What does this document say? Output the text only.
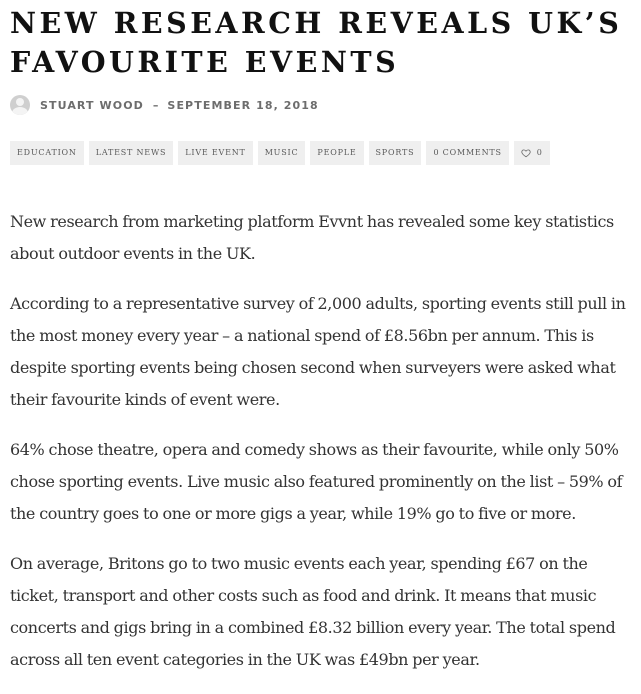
NEW RESEARCH REVEALS UK’S FAVOURITE EVENTS
STUART WOOD – SEPTEMBER 18, 2018
EDUCATION	LATEST NEWS	LIVE EVENT	MUSIC	PEOPLE	SPORTS	0 COMMENTS	0

New research from marketing platform Evvnt has revealed some key statistics about outdoor events in the UK.

According to a representative survey of 2,000 adults, sporting events still pull in the most money every year – a national spend of £8.56bn per annum. This is despite sporting events being chosen second when surveyers were asked what their favourite kinds of event were.

64% chose theatre, opera and comedy shows as their favourite, while only 50% chose sporting events. Live music also featured prominently on the list – 59% of the country goes to one or more gigs a year, while 19% go to five or more.

On average, Britons go to two music events each year, spending £67 on the ticket, transport and other costs such as food and drink. It means that music concerts and gigs bring in a combined £8.32 billion every year. The total spend across all ten event categories in the UK was £49bn per year.
